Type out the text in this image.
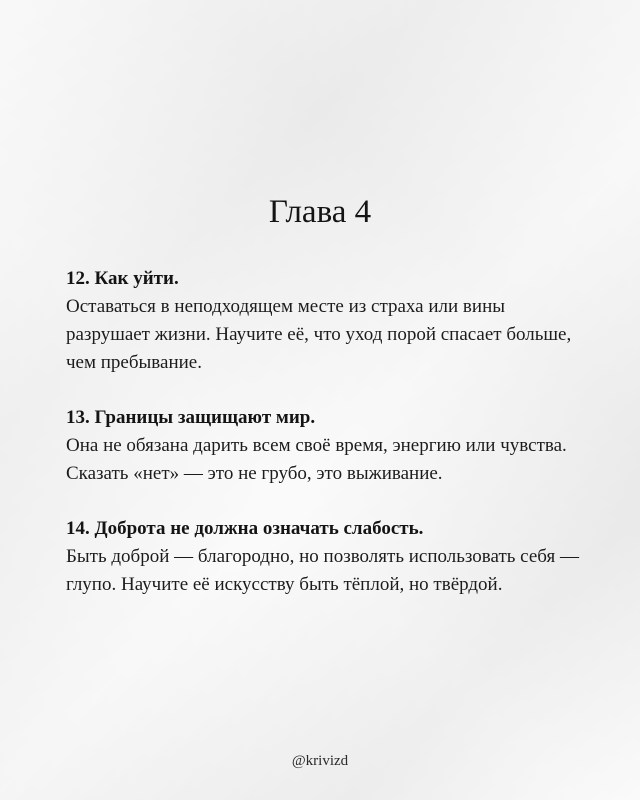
Глава 4
12. Как уйти.
Оставаться в неподходящем месте из страха или вины разрушает жизни. Научите её, что уход порой спасает больше, чем пребывание.
13. Границы защищают мир.
Она не обязана дарить всем своё время, энергию или чувства. Сказать «нет» — это не грубо, это выживание.
14. Доброта не должна означать слабость.
Быть доброй — благородно, но позволять использовать себя — глупо. Научите её искусству быть тёплой, но твёрдой.
@krivizd
